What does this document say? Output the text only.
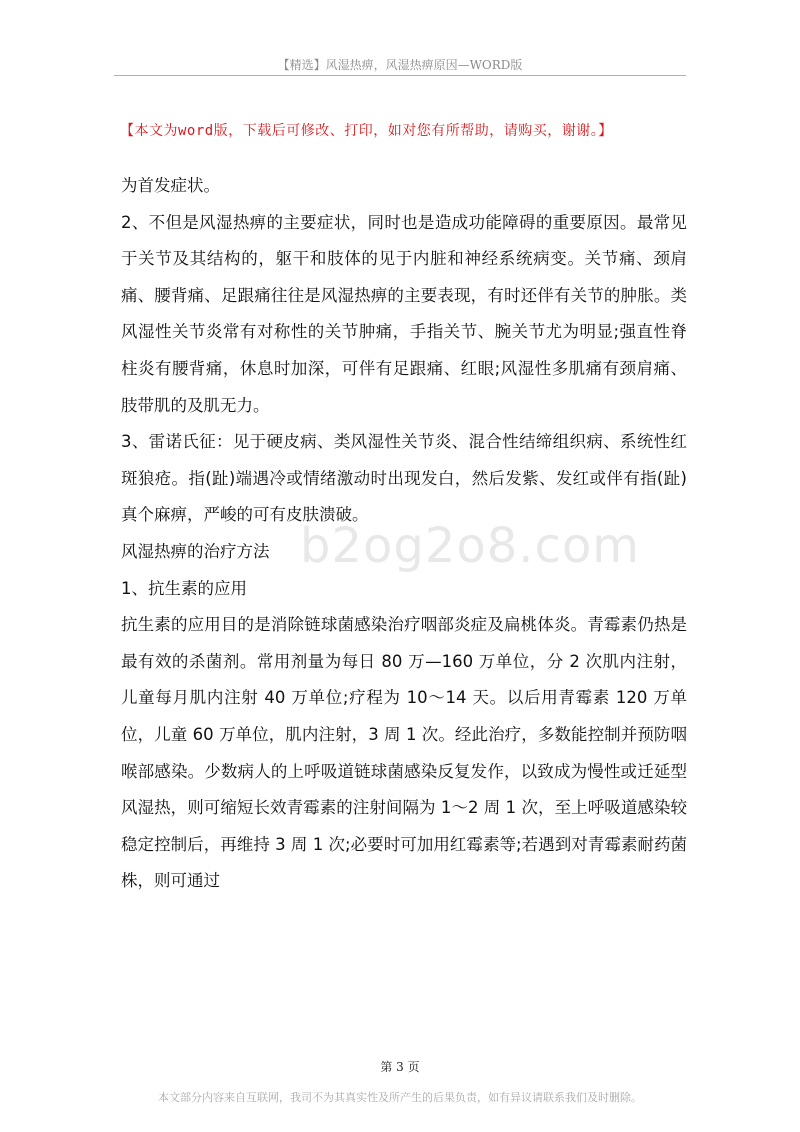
【精选】风湿热痹，风湿热痹原因—WORD版
【本文为word版，下载后可修改、打印，如对您有所帮助，请购买，谢谢。】

为首发症状。

2、不但是风湿热痹的主要症状，同时也是造成功能障碍的重要原因。最常见于关节及其结构的，躯干和肢体的见于内脏和神经系统病变。关节痛、颈肩痛、腰背痛、足跟痛往往是风湿热痹的主要表现，有时还伴有关节的肿胀。类风湿性关节炎常有对称性的关节肿痛，手指关节、腕关节尤为明显;强直性脊柱炎有腰背痛，休息时加深，可伴有足跟痛、红眼;风湿性多肌痛有颈肩痛、肢带肌的及肌无力。

3、雷诺氏征：见于硬皮病、类风湿性关节炎、混合性结缔组织病、系统性红斑狼疮。指(趾)端遇冷或情绪激动时出现发白，然后发紫、发红或伴有指(趾)真个麻痹，严峻的可有皮肤溃破。

风湿热痹的治疗方法

1、抗生素的应用

抗生素的应用目的是消除链球菌感染治疗咽部炎症及扁桃体炎。青霉素仍热是最有效的杀菌剂。常用剂量为每日 80 万—160 万单位，分 2 次肌内注射，儿童每月肌内注射 40 万单位;疗程为 10～14 天。以后用青霉素 120 万单位，儿童 60 万单位，肌内注射，3 周 1 次。经此治疗，多数能控制并预防咽喉部感染。少数病人的上呼吸道链球菌感染反复发作，以致成为慢性或迁延型风湿热，则可缩短长效青霉素的注射间隔为 1～2 周 1 次，至上呼吸道感染较稳定控制后，再维持 3 周 1 次;必要时可加用红霉素等;若遇到对青霉素耐药菌株，则可通过

b2og2o8.com
第 3 页
本文部分内容来自互联网，我司不为其真实性及所产生的后果负责，如有异议请联系我们及时删除。
